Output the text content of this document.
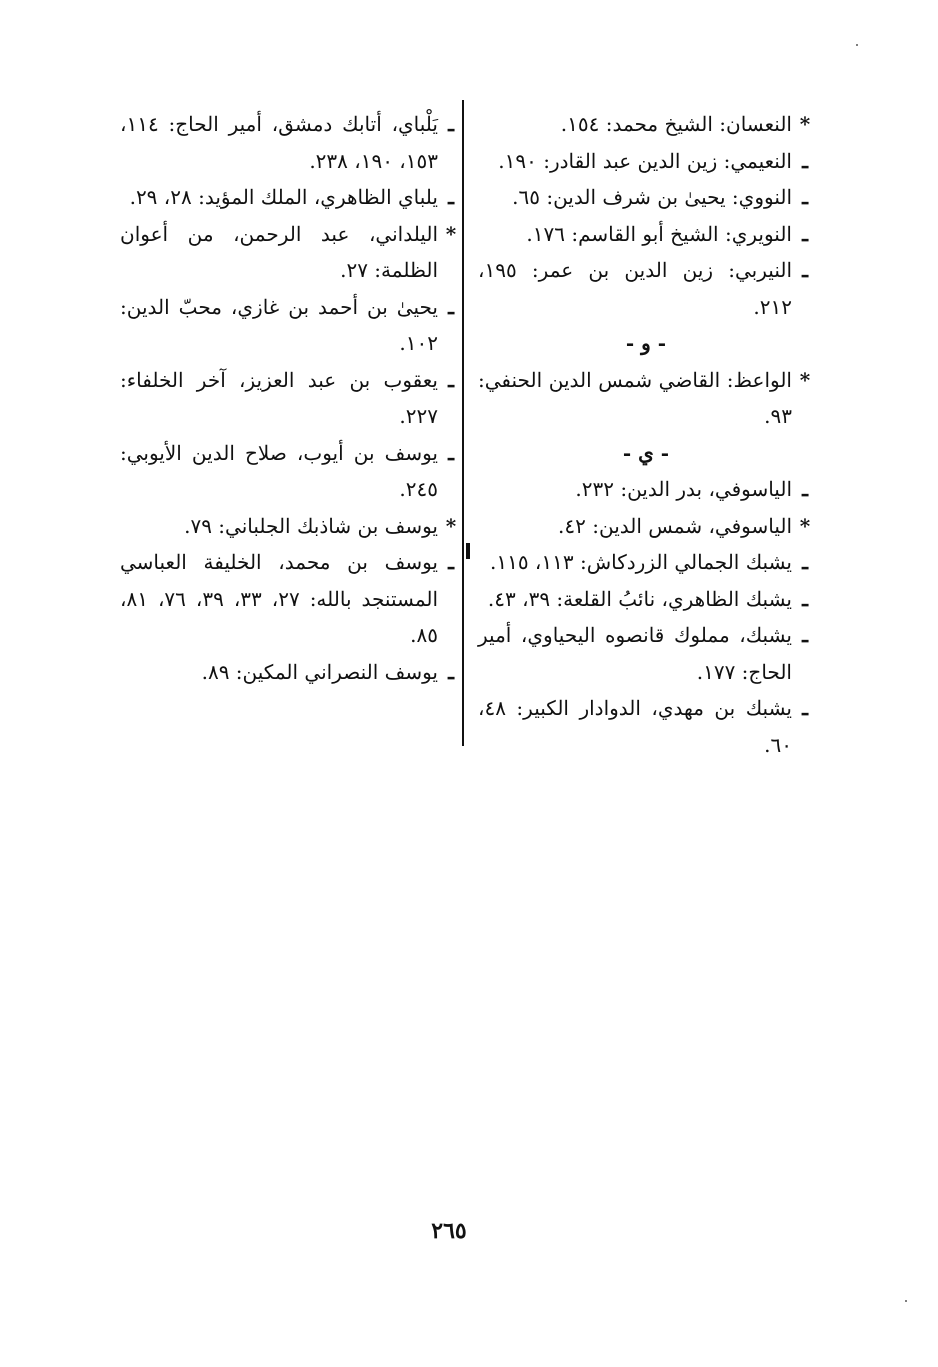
*
النعسان: الشيخ محمد: ١٥٤.
ـ
النعيمي: زين الدين عبد القادر: ١٩٠.
ـ
النووي: يحيىٰ بن شرف الدين: ٦٥.
ـ
النويري: الشيخ أبو القاسم: ١٧٦.
ـ
النيربي: زين الدين بن عمر: ١٩٥، ٢١٢.
- و -
*
الواعظ: القاضي شمس الدين الحنفي: ٩٣.
- ي -
ـ
الياسوفي، بدر الدين: ٢٣٢.
*
الياسوفي، شمس الدين: ٤٢.
ـ
يشبك الجمالي الزردكاش: ١١٣، ١١٥.
ـ
يشبك الظاهري، نائبُ القلعة: ٣٩، ٤٣.
ـ
يشبك، مملوك قانصوه اليحياوي، أمير الحاج: ١٧٧.
ـ
يشبك بن مهدي، الدوادار الكبير: ٤٨، ٦٠.
ـ
يَلْباي، أتابك دمشق، أمير الحاج: ١١٤، ١٥٣، ١٩٠، ٢٣٨.
ـ
يلباي الظاهري، الملك المؤيد: ٢٨، ٢٩.
*
اليلداني، عبد الرحمن، من أعوان الظلمة: ٢٧.
ـ
يحيىٰ بن أحمد بن غازي، محبّ الدين: ١٠٢.
ـ
يعقوب بن عبد العزيز، آخر الخلفاء: ٢٢٧.
ـ
يوسف بن أيوب، صلاح الدين الأيوبي: ٢٤٥.
*
يوسف بن شاذبك الجلباني: ٧٩.
ـ
يوسف بن محمد، الخليفة العباسي المستنجد بالله: ٢٧، ٣٣، ٣٩، ٧٦، ٨١، ٨٥.
ـ
يوسف النصراني المكين: ٨٩.
٢٦٥
